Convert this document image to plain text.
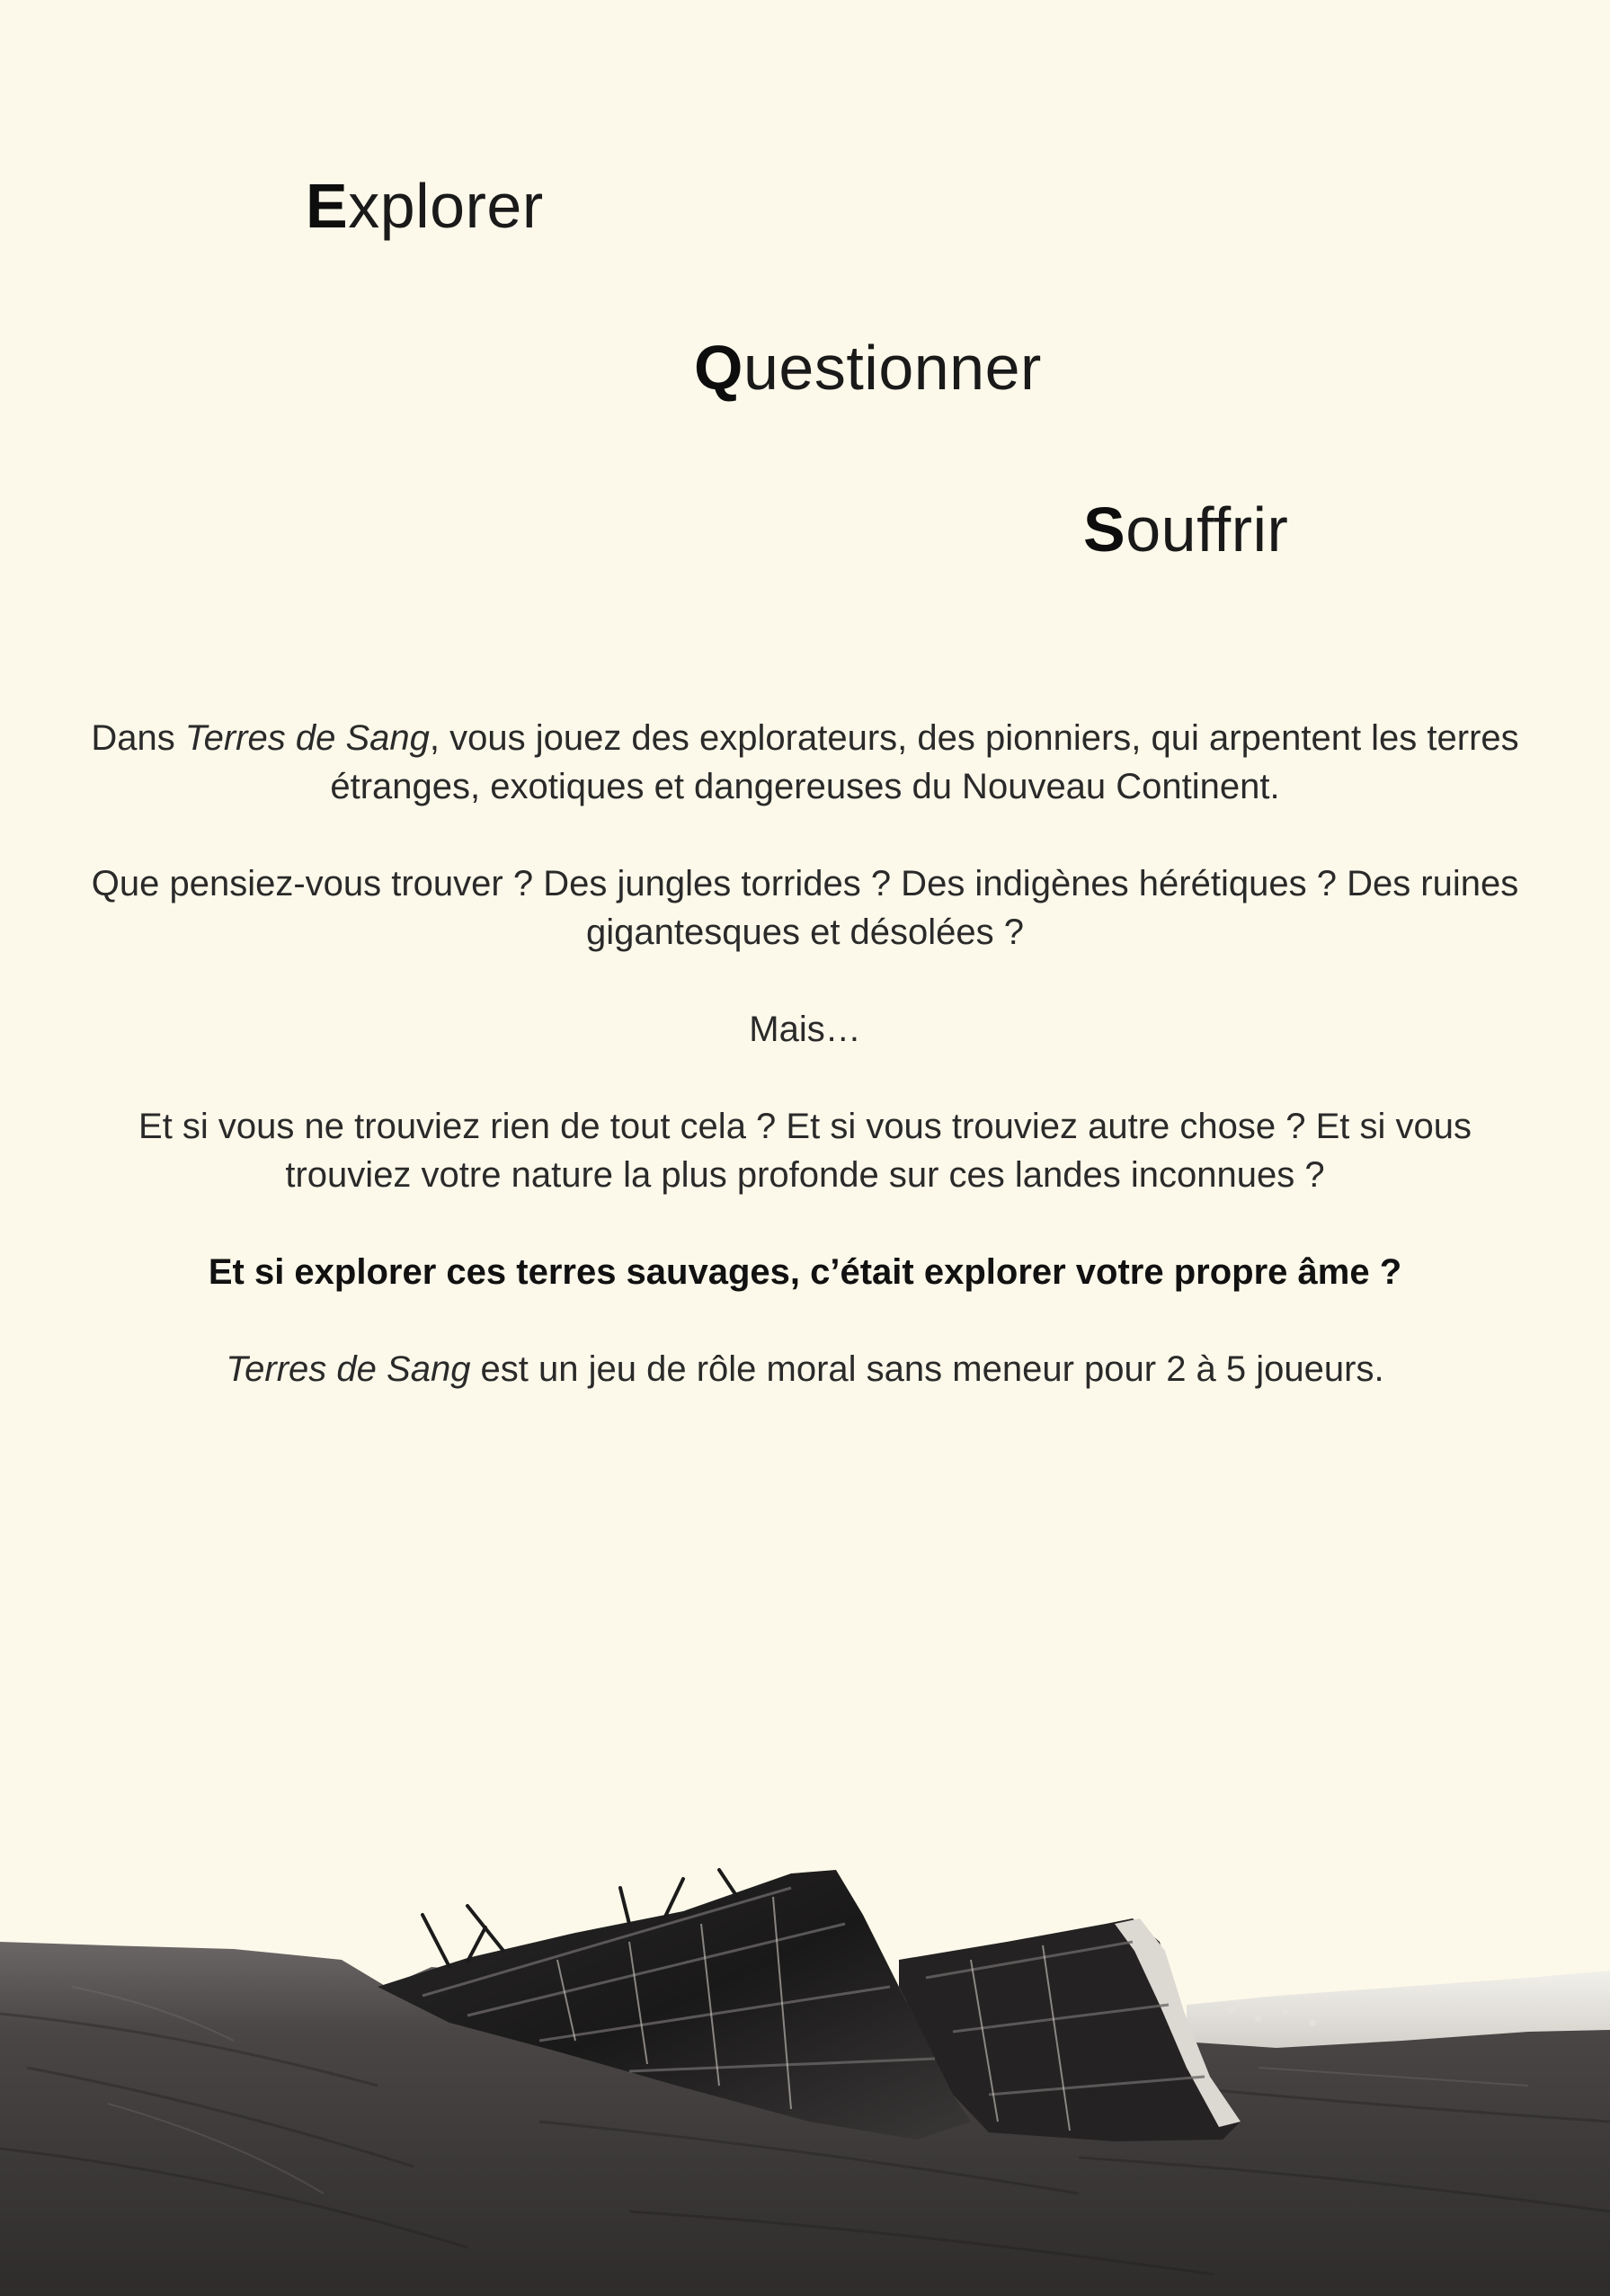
Explorer
Questionner
Souffrir

Dans Terres de Sang, vous jouez des explorateurs, des pionniers, qui arpentent les terres étranges, exotiques et dangereuses du Nouveau Continent.

Que pensiez-vous trouver ? Des jungles torrides ? Des indigènes hérétiques ? Des ruines gigantesques et désolées ?

Mais…

Et si vous ne trouviez rien de tout cela ? Et si vous trouviez autre chose ? Et si vous trouviez votre nature la plus profonde sur ces landes inconnues ?

Et si explorer ces terres sauvages, c’était explorer votre propre âme ?

Terres de Sang est un jeu de rôle moral sans meneur pour 2 à 5 joueurs.
